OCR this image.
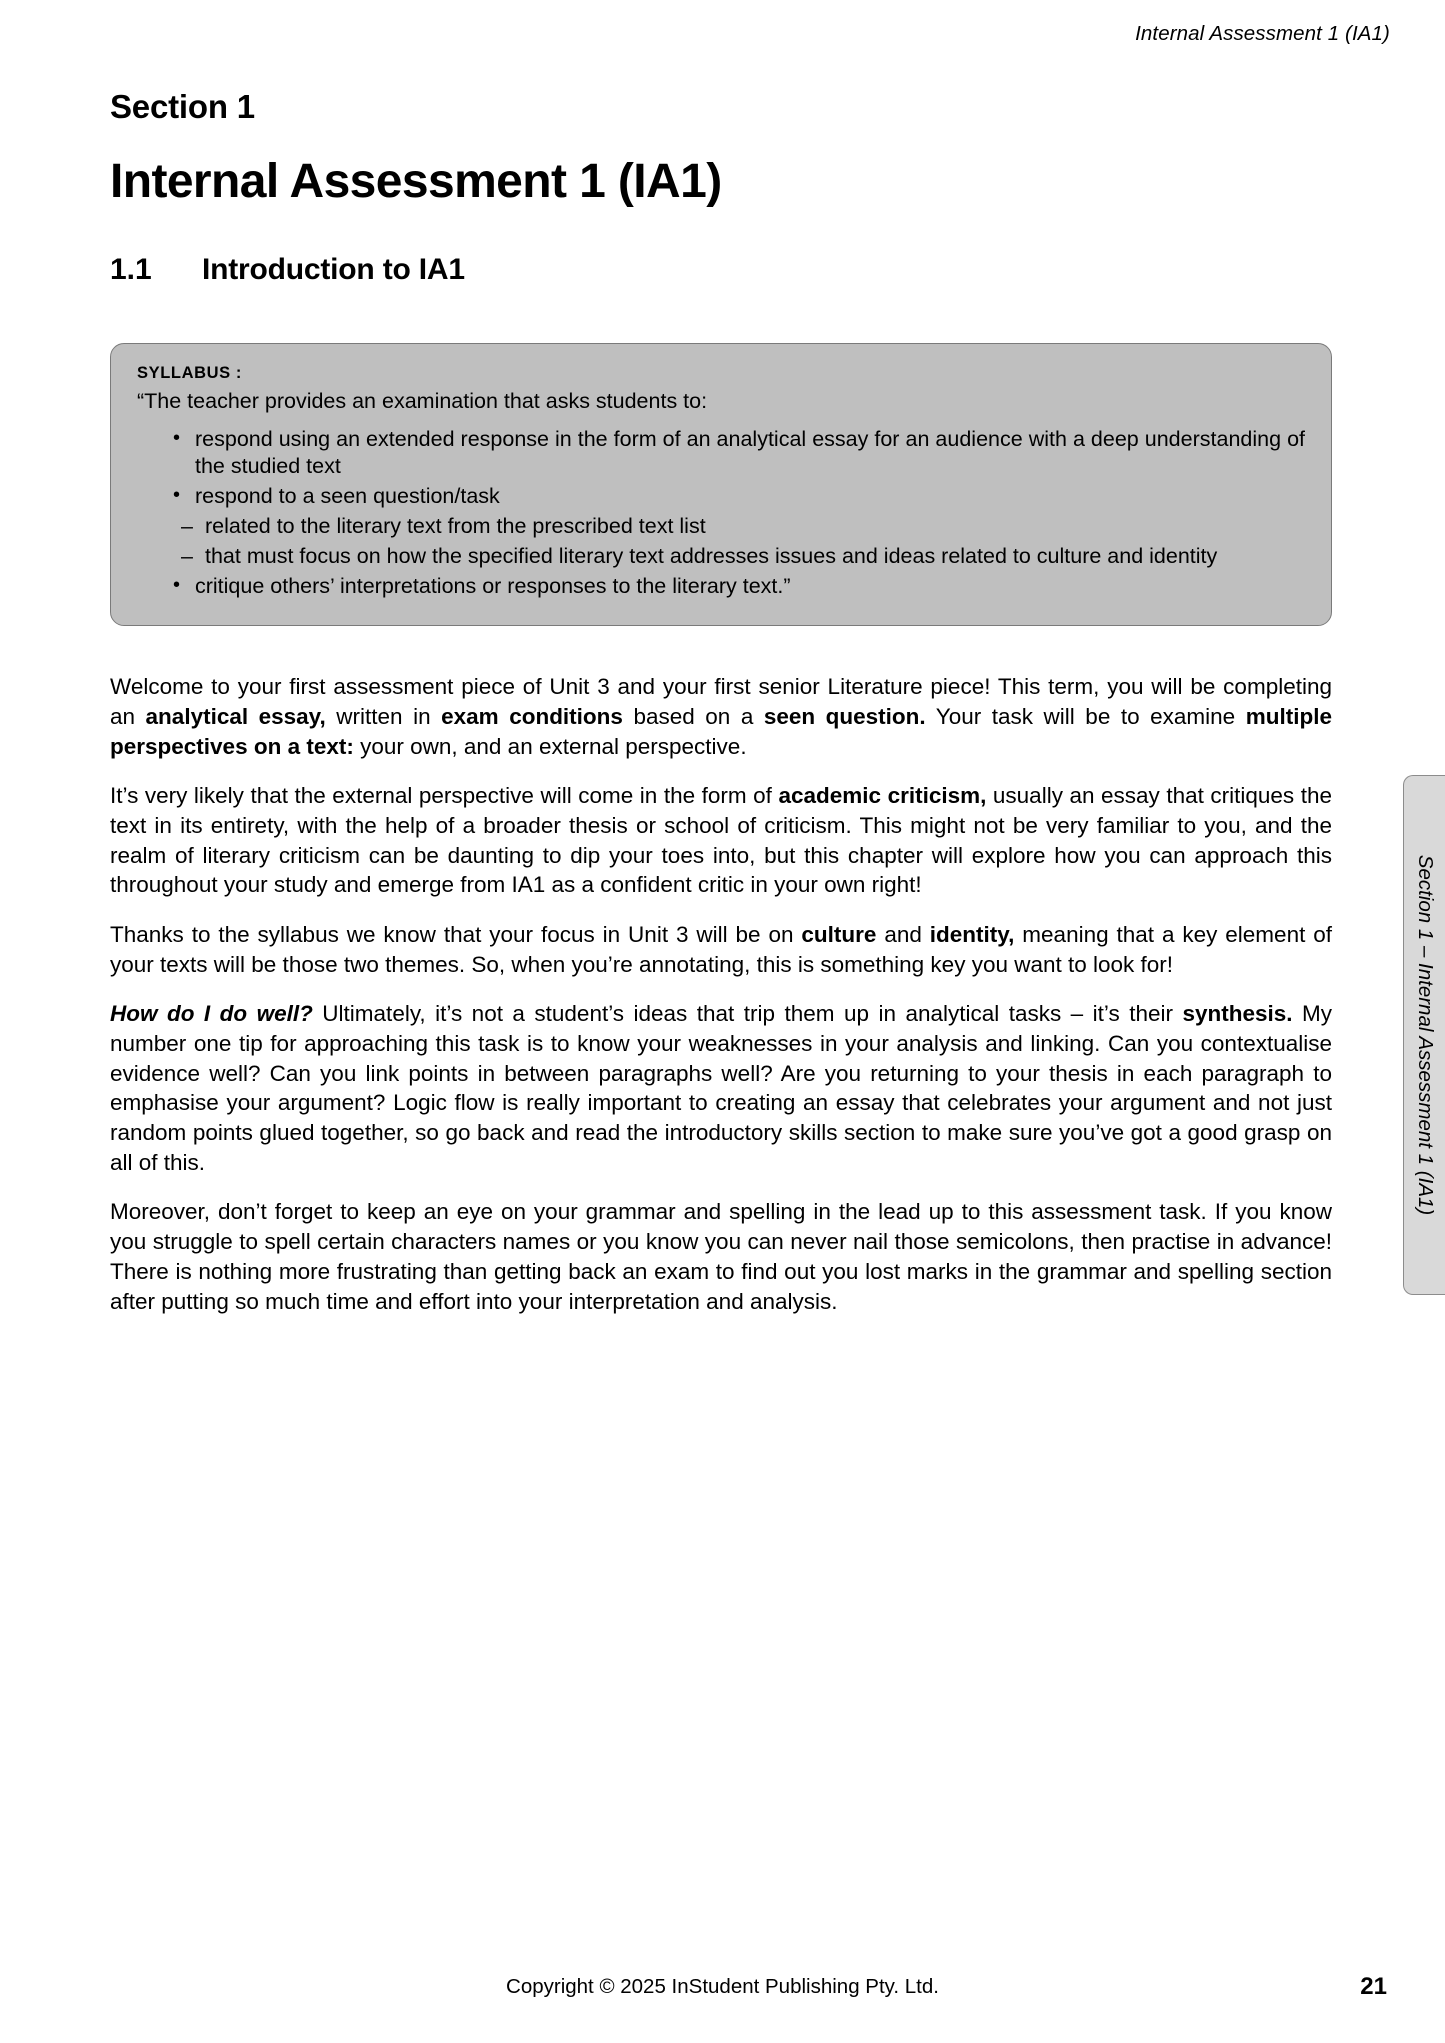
Internal Assessment 1 (IA1)
Section 1
Internal Assessment 1 (IA1)
1.1	Introduction to IA1
SYLLABUS :

“The teacher provides an examination that asks students to:

• respond using an extended response in the form of an analytical essay for an audience with a deep understanding of the studied text
• respond to a seen question/task
– related to the literary text from the prescribed text list
– that must focus on how the specified literary text addresses issues and ideas related to culture and identity
• critique others’ interpretations or responses to the literary text.”

Welcome to your first assessment piece of Unit 3 and your first senior Literature piece! This term, you will be completing an analytical essay, written in exam conditions based on a seen question. Your task will be to examine multiple perspectives on a text: your own, and an external perspective.

It’s very likely that the external perspective will come in the form of academic criticism, usually an essay that critiques the text in its entirety, with the help of a broader thesis or school of criticism. This might not be very familiar to you, and the realm of literary criticism can be daunting to dip your toes into, but this chapter will explore how you can approach this throughout your study and emerge from IA1 as a confident critic in your own right!

Thanks to the syllabus we know that your focus in Unit 3 will be on culture and identity, meaning that a key element of your texts will be those two themes. So, when you’re annotating, this is something key you want to look for!

How do I do well? Ultimately, it’s not a student’s ideas that trip them up in analytical tasks – it’s their synthesis. My number one tip for approaching this task is to know your weaknesses in your analysis and linking. Can you contextualise evidence well? Can you link points in between paragraphs well? Are you returning to your thesis in each paragraph to emphasise your argument? Logic flow is really important to creating an essay that celebrates your argument and not just random points glued together, so go back and read the introductory skills section to make sure you’ve got a good grasp on all of this.

Moreover, don’t forget to keep an eye on your grammar and spelling in the lead up to this assessment task. If you know you struggle to spell certain characters names or you know you can never nail those semicolons, then practise in advance! There is nothing more frustrating than getting back an exam to find out you lost marks in the grammar and spelling section after putting so much time and effort into your interpretation and analysis.

Section 1 – Internal Assessment 1 (IA1)
Copyright © 2025 InStudent Publishing Pty. Ltd.	21
